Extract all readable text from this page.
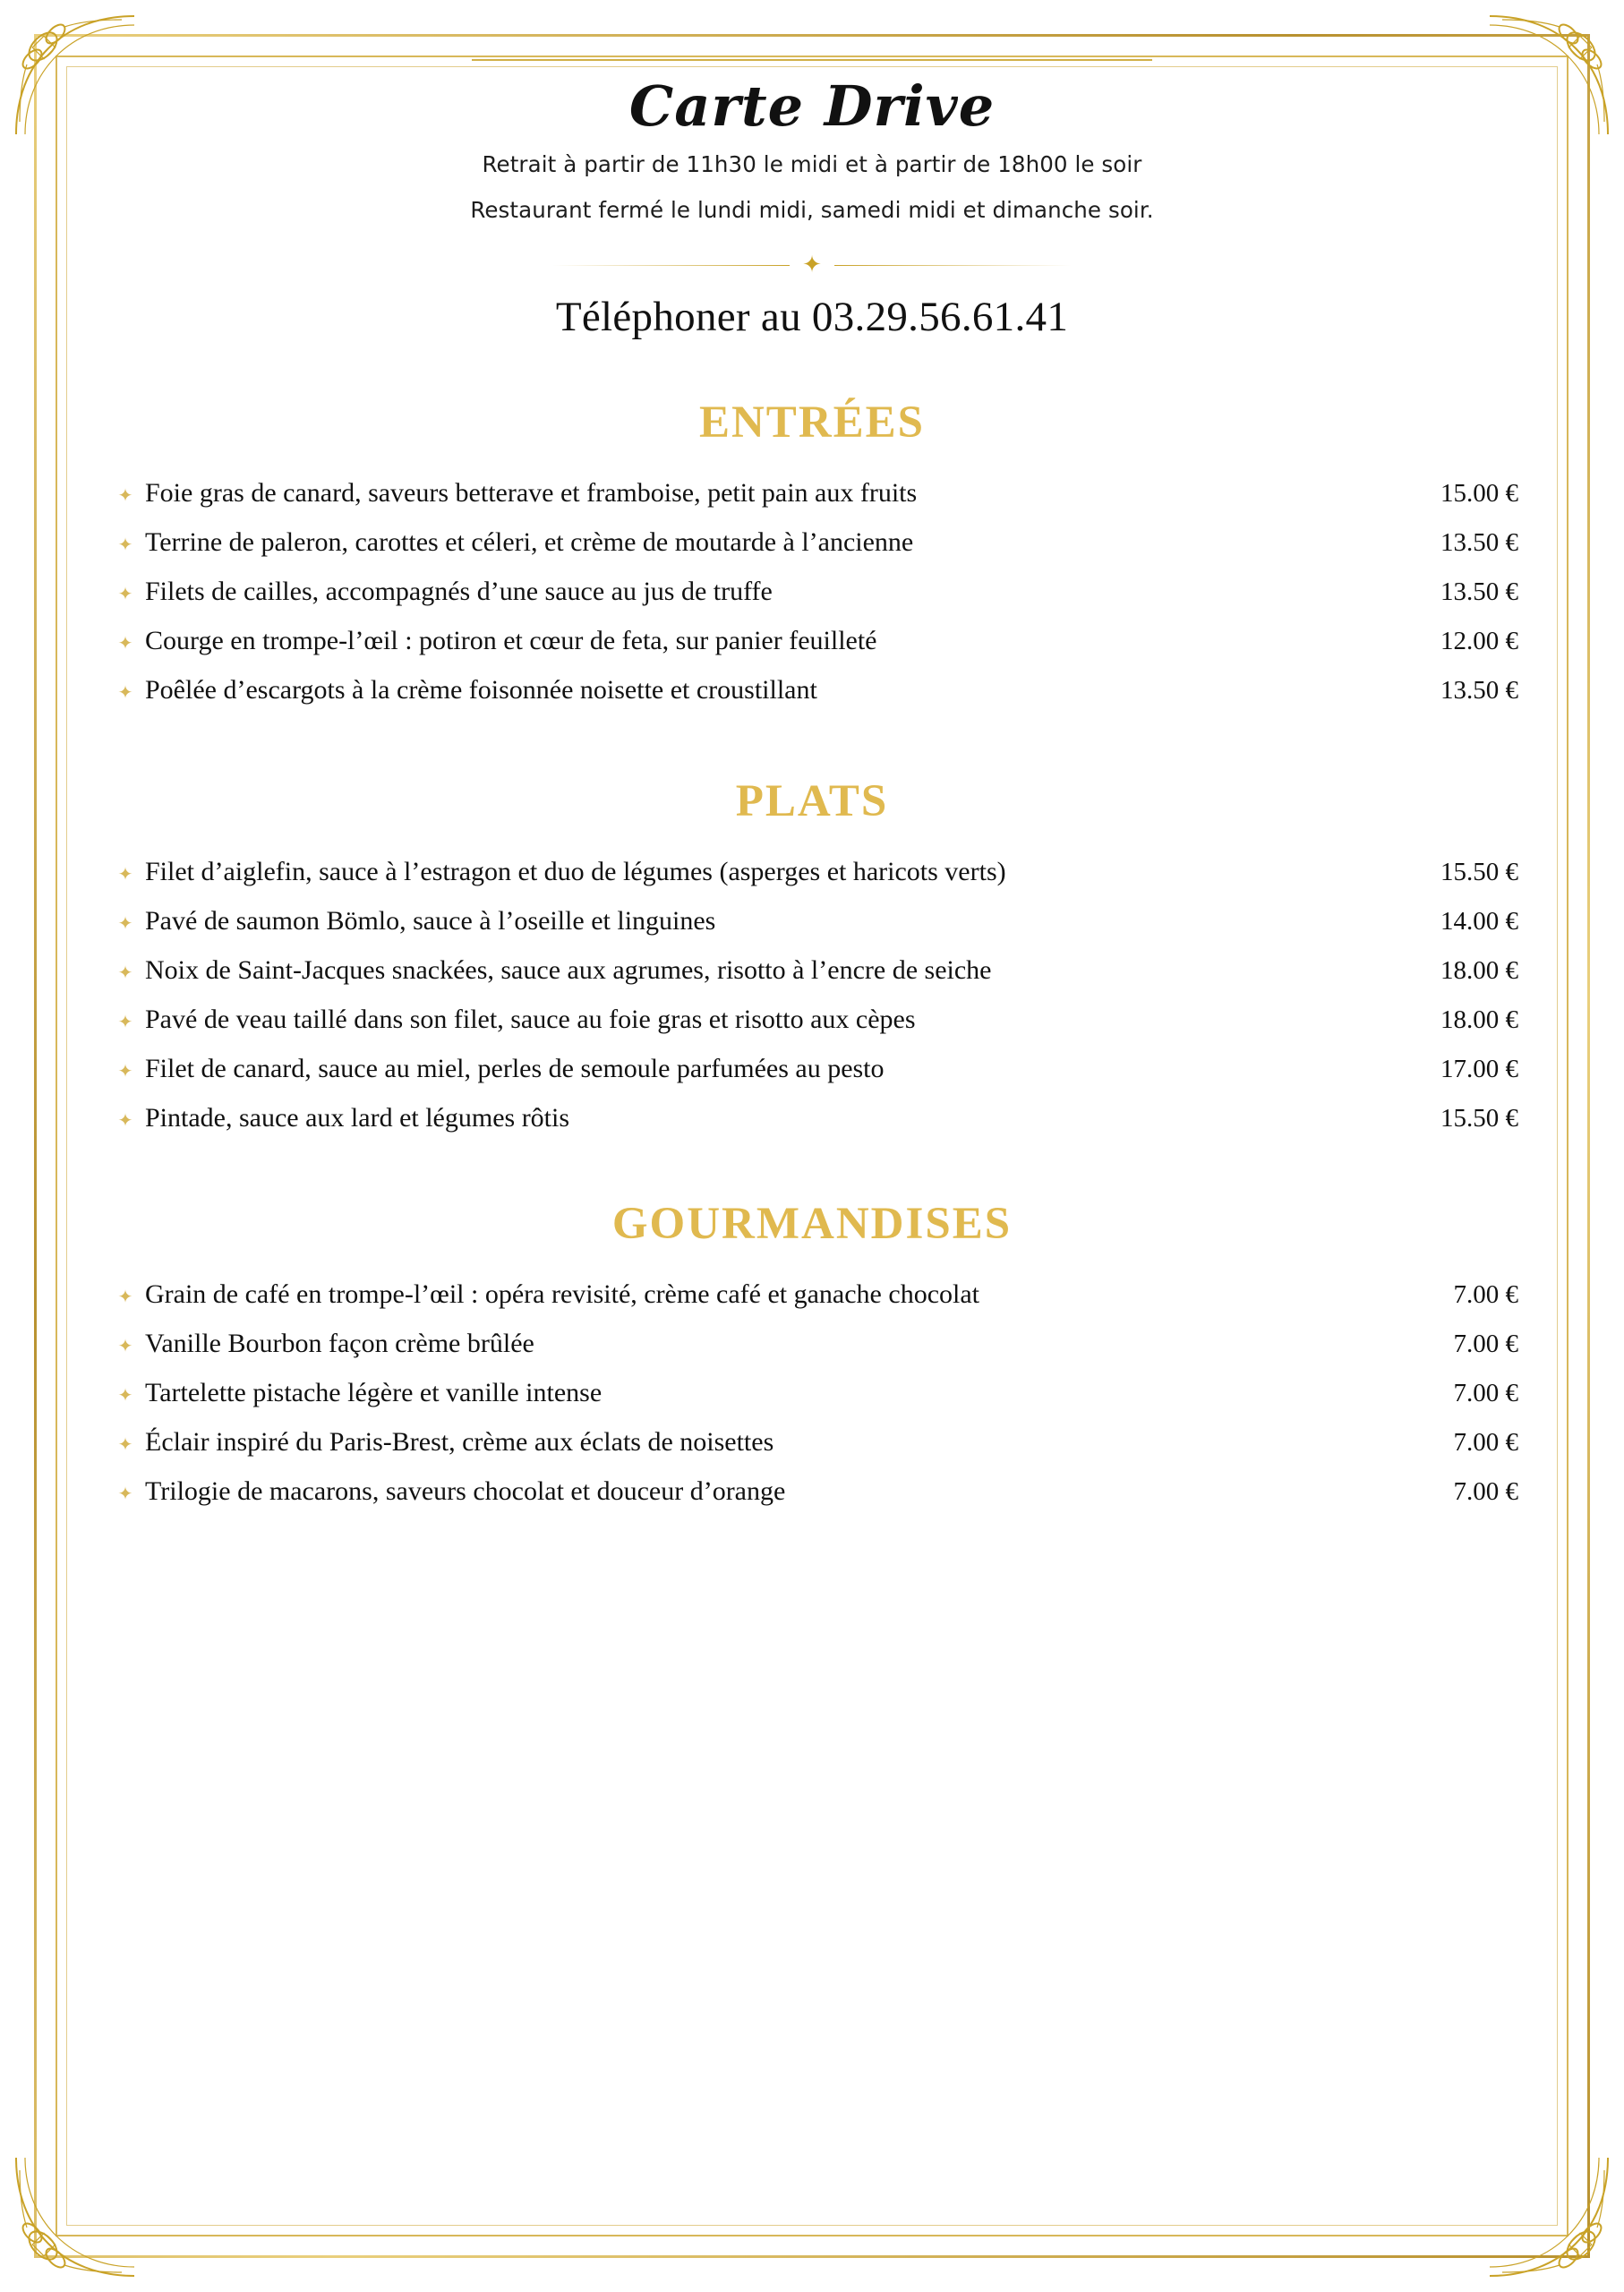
Carte Drive

Retrait à partir de 11h30 le midi et à partir de 18h00 le soir

Restaurant fermé le lundi midi, samedi midi et dimanche soir.

✦

Téléphoner au 03.29.56.61.41

ENTRÉES
✦ Foie gras de canard, saveurs betterave et framboise, petit pain aux fruits	15.00 €
✦ Terrine de paleron, carottes et céleri, et crème de moutarde à l’ancienne	13.50 €
✦ Filets de cailles, accompagnés d’une sauce au jus de truffe	13.50 €
✦ Courge en trompe-l’œil : potiron et cœur de feta, sur panier feuilleté	12.00 €
✦ Poêlée d’escargots à la crème foisonnée noisette et croustillant	13.50 €
PLATS
✦ Filet d’aiglefin, sauce à l’estragon et duo de légumes (asperges et haricots verts)	15.50 €
✦ Pavé de saumon Bömlo, sauce à l’oseille et linguines	14.00 €
✦ Noix de Saint-Jacques snackées, sauce aux agrumes, risotto à l’encre de seiche	18.00 €
✦ Pavé de veau taillé dans son filet, sauce au foie gras et risotto aux cèpes	18.00 €
✦ Filet de canard, sauce au miel, perles de semoule parfumées au pesto	17.00 €
✦ Pintade, sauce aux lard et légumes rôtis	15.50 €
GOURMANDISES
✦ Grain de café en trompe-l’œil : opéra revisité, crème café et ganache chocolat	7.00 €
✦ Vanille Bourbon façon crème brûlée	7.00 €
✦ Tartelette pistache légère et vanille intense	7.00 €
✦ Éclair inspiré du Paris-Brest, crème aux éclats de noisettes	7.00 €
✦ Trilogie de macarons, saveurs chocolat et douceur d’orange	7.00 €
